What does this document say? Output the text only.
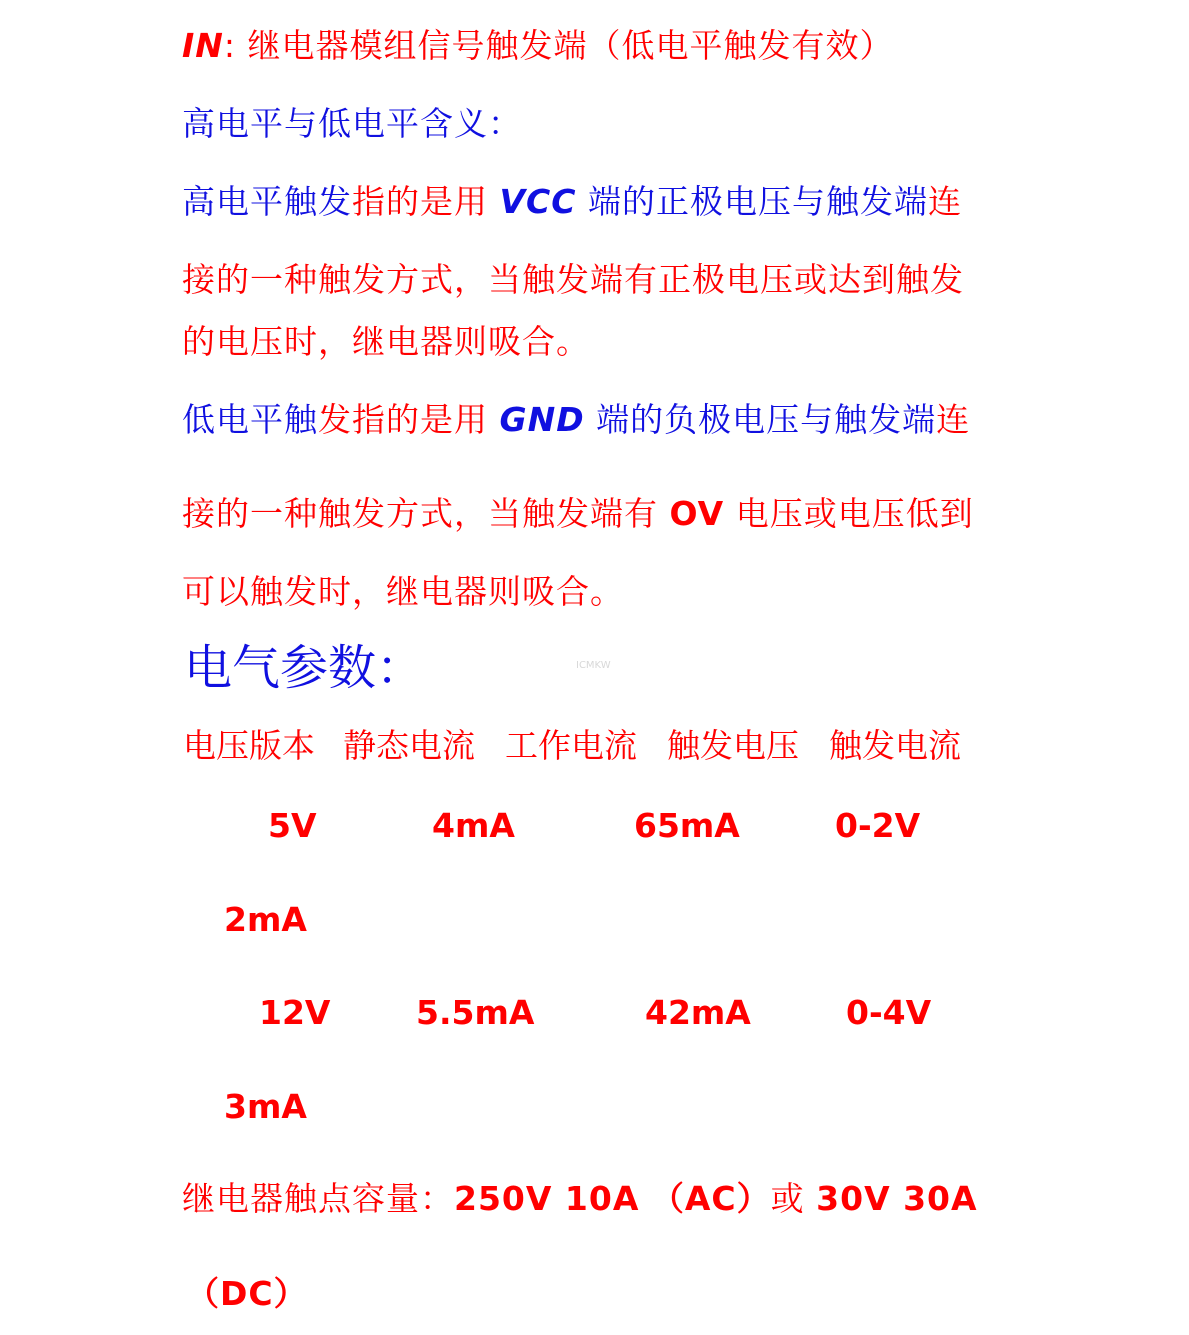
IN: 继电器模组信号触发端（低电平触发有效）
高电平与低电平含义：
高电平触发指的是用 VCC 端的正极电压与触发端连
接的一种触发方式，当触发端有正极电压或达到触发
的电压时，继电器则吸合。
低电平触发指的是用 GND 端的负极电压与触发端连
接的一种触发方式，当触发端有 OV 电压或电压低到
可以触发时，继电器则吸合。
电气参数：	ICMKW
电压版本 静态电流 工作电流 触发电压 触发电流
5V	4mA	65mA	0-2V
2mA
12V	5.5mA	42mA	0-4V
3mA
继电器触点容量：250V 10A （AC）或 30V 30A
（DC）
